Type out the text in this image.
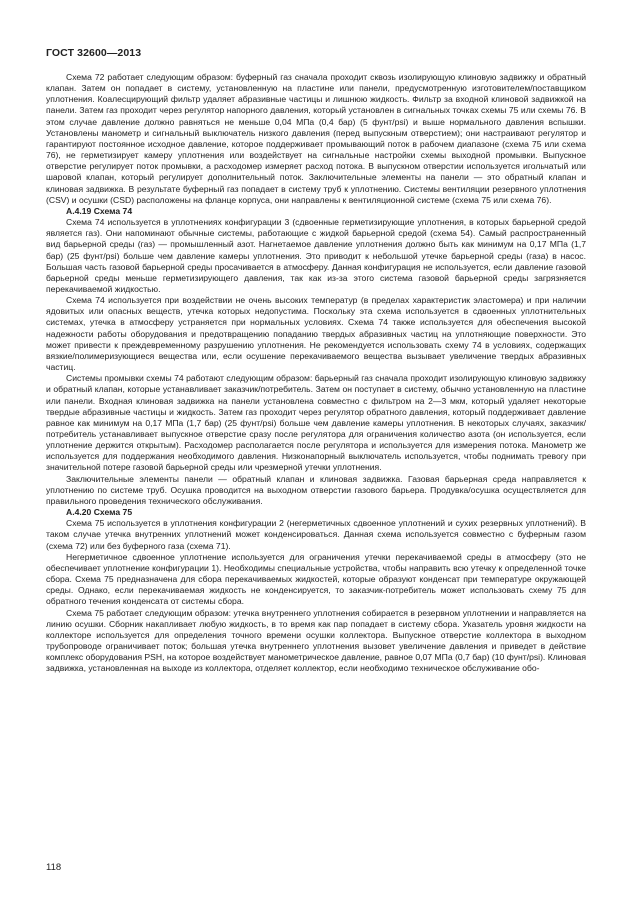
ГОСТ 32600—2013

Схема 72 работает следующим образом: буферный газ сначала проходит сквозь изолирующую клиновую задвижку и обратный клапан. Затем он попадает в систему, установленную на пластине или панели, предусмотренную изготовителем/поставщиком уплотнения. Коалесцирующий фильтр удаляет абразивные частицы и лишнюю жидкость. Фильтр за входной клиновой задвижкой на панели. Затем газ проходит через регулятор напорного давления, который установлен в сигнальных точках схемы 75 или схемы 76. В этом случае давление должно равняться не меньше 0,04 МПа (0,4 бар) (5 фунт/psi) и выше нормального давления вспышки. Установлены манометр и сигнальный выключатель низкого давления (перед выпускным отверстием); они настраивают регулятор и гарантируют постоянное исходное давление, которое поддерживает промывающий поток в рабочем диапазоне (схема 75 или схема 76), не герметизирует камеру уплотнения или воздействует на сигнальные настройки схемы выходной промывки. Выпускное отверстие регулирует поток промывки, а расходомер измеряет расход потока. В выпускном отверстии используется игольчатый или шаровой клапан, который регулирует дополнительный поток. Заключительные элементы на панели — это обратный клапан и клиновая задвижка. В результате буферный газ попадает в систему труб к уплотнению. Системы вентиляции резервного уплотнения (CSV) и осушки (CSD) расположены на фланце корпуса, они направлены к вентиляционной системе (схема 75 или схема 76).

A.4.19 Схема 74

Схема 74 используется в уплотнениях конфигурации 3 (сдвоенные герметизирующие уплотнения, в которых барьерной средой является газ). Они напоминают обычные системы, работающие с жидкой барьерной средой (схема 54). Самый распространенный вид барьерной среды (газ) — промышленный азот. Нагнетаемое давление уплотнения должно быть как минимум на 0,17 МПа (1,7 бар) (25 фунт/psi) больше чем давление камеры уплотнения. Это приводит к небольшой утечке барьерной среды (газа) в насос. Большая часть газовой барьерной среды просачивается в атмосферу. Данная конфигурация не используется, если давление газовой барьерной среды меньше герметизирующего давления, так как из-за этого система газовой барьерной среды загрязняется перекачиваемой жидкостью.

Схема 74 используется при воздействии не очень высоких температур (в пределах характеристик эластомера) и при наличии ядовитых или опасных веществ, утечка которых недопустима. Поскольку эта схема используется в сдвоенных уплотнительных системах, утечка в атмосферу устраняется при нормальных условиях. Схема 74 также используется для обеспечения высокой надежности работы оборудования и предотвращению попаданию твердых абразивных частиц на уплотняющие поверхности. Это может привести к преждевременному разрушению уплотнения. Не рекомендуется использовать схему 74 в условиях, содержащих вязкие/полимеризующиеся вещества или, если осушение перекачиваемого вещества вызывает увеличение твердых абразивных частиц.

Системы промывки схемы 74 работают следующим образом: барьерный газ сначала проходит изолирующую клиновую задвижку и обратный клапан, которые устанавливает заказчик/потребитель. Затем он поступает в систему, обычно установленную на пластине или панели. Входная клиновая задвижка на панели установлена совместно с фильтром на 2—3 мкм, который удаляет некоторые твердые абразивные частицы и жидкость. Затем газ проходит через регулятор обратного давления, который поддерживает давление равное как минимум на 0,17 МПа (1,7 бар) (25 фунт/psi) больше чем давление камеры уплотнения. В некоторых случаях, заказчик/потребитель устанавливает выпускное отверстие сразу после регулятора для ограничения количество азота (он используется, если уплотнение держится открытым). Расходомер располагается после регулятора и используется для измерения потока. Манометр же используется для поддержания необходимого давления. Низконапорный выключатель используется, чтобы поднимать тревогу при значительной потере газовой барьерной среды или чрезмерной утечки уплотнения.

Заключительные элементы панели — обратный клапан и клиновая задвижка. Газовая барьерная среда направляется к уплотнению по системе труб. Осушка проводится на выходном отверстии газового барьера. Продувка/осушка осуществляется для правильного проведения технического обслуживания.

A.4.20 Схема 75

Схема 75 используется в уплотнения конфигурации 2 (негерметичных сдвоенное уплотнений и сухих резервных уплотнений). В таком случае утечка внутренних уплотнений может конденсироваться. Данная схема используется совместно с буферным газом (схема 72) или без буферного газа (схема 71).

Негерметичное сдвоенное уплотнение используется для ограничения утечки перекачиваемой среды в атмосферу (это не обеспечивает уплотнение конфигурации 1). Необходимы специальные устройства, чтобы направить всю утечку к определенной точке сбора. Схема 75 предназначена для сбора перекачиваемых жидкостей, которые образуют конденсат при температуре окружающей среды. Однако, если перекачиваемая жидкость не конденсируется, то заказчик-потребитель может использовать схему 75 для обратного течения конденсата от системы сбора.

Схема 75 работает следующим образом: утечка внутреннего уплотнения собирается в резервном уплотнении и направляется на линию осушки. Сборник накапливает любую жидкость, в то время как пар попадает в систему сбора. Указатель уровня жидкости на коллекторе используется для определения точного времени осушки коллектора. Выпускное отверстие коллектора в выходном трубопроводе ограничивает поток; большая утечка внутреннего уплотнения вызовет увеличение давления и приведет в действие комплекс оборудования PSH, на которое воздействует манометрическое давление, равное 0,07 МПа (0,7 бар) (10 фунт/psi). Клиновая задвижка, установленная на выходе из коллектора, отделяет коллектор, если необходимо техническое обслуживание обо-

118
